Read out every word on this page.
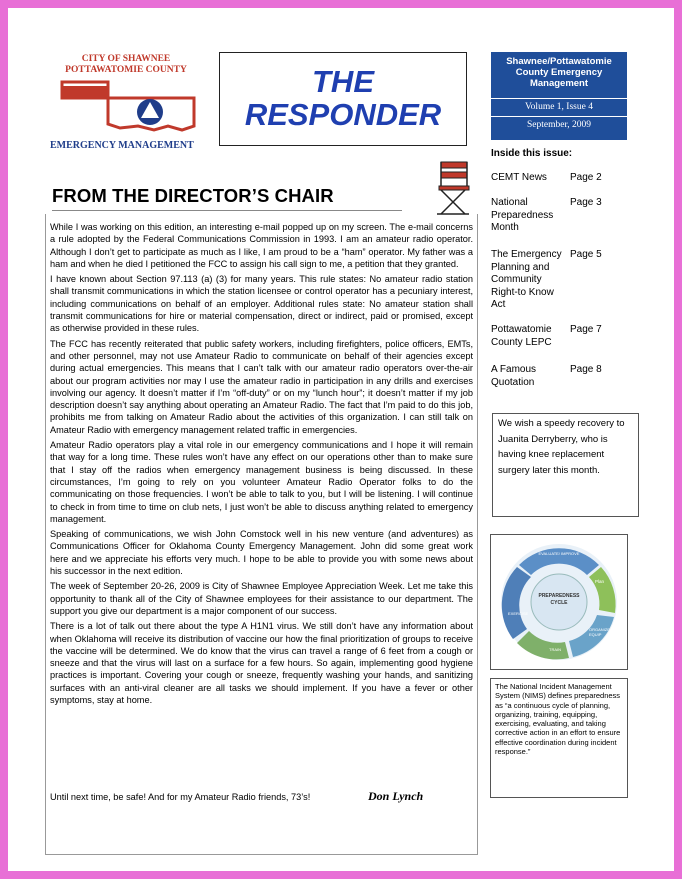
CITY OF SHAWNEE
POTTAWATOMIE COUNTY
EMERGENCY MANAGEMENT
THE
RESPONDER
Shawnee/Pottawatomie County Emergency Management
Volume 1, Issue 4
September, 2009
Inside this issue:
CEMT News	Page 2
National Preparedness Month
Page 3
The Emergency Planning and Community Right-to Know Act
Page 5
Pottawatomie County LEPC
Page 7
A Famous Quotation
Page 8
FROM THE DIRECTOR’S CHAIR

While I was working on this edition, an interesting e-mail popped up on my screen. The e-mail concerns a rule adopted by the Federal Communications Commission in 1993. I am an amateur radio operator. Although I don’t get to participate as much as I like, I am proud to be a “ham” operator. My father was a ham and when he died I petitioned the FCC to assign his call sign to me, a petition that they granted.

I have known about Section 97.113 (a) (3) for many years. This rule states: No amateur radio station shall transmit communications in which the station licensee or control operator has a pecuniary interest, including communications on behalf of an employer. Additional rules state: No amateur station shall transmit communications for hire or material compensation, direct or indirect, paid or promised, except as otherwise provided in these rules.

The FCC has recently reiterated that public safety workers, including firefighters, police officers, EMTs, and other personnel, may not use Amateur Radio to communicate on behalf of their agencies except during actual emergencies. This means that I can’t talk with our amateur radio operators over-the-air about our program activities nor may I use the amateur radio in participation in any drills and exercises involving our agency. It doesn’t matter if I’m “off-duty” or on my “lunch hour”; it doesn’t matter if my job description doesn’t say anything about operating an Amateur Radio. The fact that I’m paid to do this job, prohibits me from talking on Amateur Radio about the activities of this organization. I can still talk on Amateur Radio with emergency management related traffic in emergencies.

Amateur Radio operators play a vital role in our emergency communications and I hope it will remain that way for a long time. These rules won’t have any effect on our operations other than to make sure that I stay off the radios when emergency management business is being discussed. In these circumstances, I’m going to rely on you volunteer Amateur Radio Operator folks to do the communicating on those frequencies. I won’t be able to talk to you, but I will be listening. I will continue to check in from time to time on club nets, I just won’t be able to discuss anything related to emergency management.

Speaking of communications, we wish John Comstock well in his new venture (and adventures) as Communications Officer for Oklahoma County Emergency Management. John did some great work here and we appreciate his efforts very much. I hope to be able to provide you with some news about his successor in the next edition.

The week of September 20-26, 2009 is City of Shawnee Employee Appreciation Week. Let me take this opportunity to thank all of the City of Shawnee employees for their assistance to our department. The support you give our department is a major component of our success.

There is a lot of talk out there about the type A H1N1 virus. We still don’t have any information about when Oklahoma will receive its distribution of vaccine our how the final prioritization of groups to receive the vaccine will be determined. We do know that the virus can travel a range of 6 feet from a cough or sneeze and that the virus will last on a surface for a few hours. So again, implementing good hygiene practices is important. Covering your cough or sneeze, frequently washing your hands, and sanitizing surfaces with an anti-viral cleaner are all tasks we should implement. If you have a fever or other symptoms, stay at home.

Until next time, be safe! And for my Amateur Radio friends, 73’s!	Don Lynch
We wish a speedy recovery to Juanita Derryberry, who is having knee replacement surgery later this month.
PREPAREDNESS
CYCLE
EVALUATE/ IMPROVE
Plan
ORGANIZE/ EQUIP
TRAIN
EXERCISE
The National Incident Management System (NIMS) defines preparedness as “a continuous cycle of planning, organizing, training, equipping, exercising, evaluating, and taking corrective action in an effort to ensure effective coordination during incident response.”
